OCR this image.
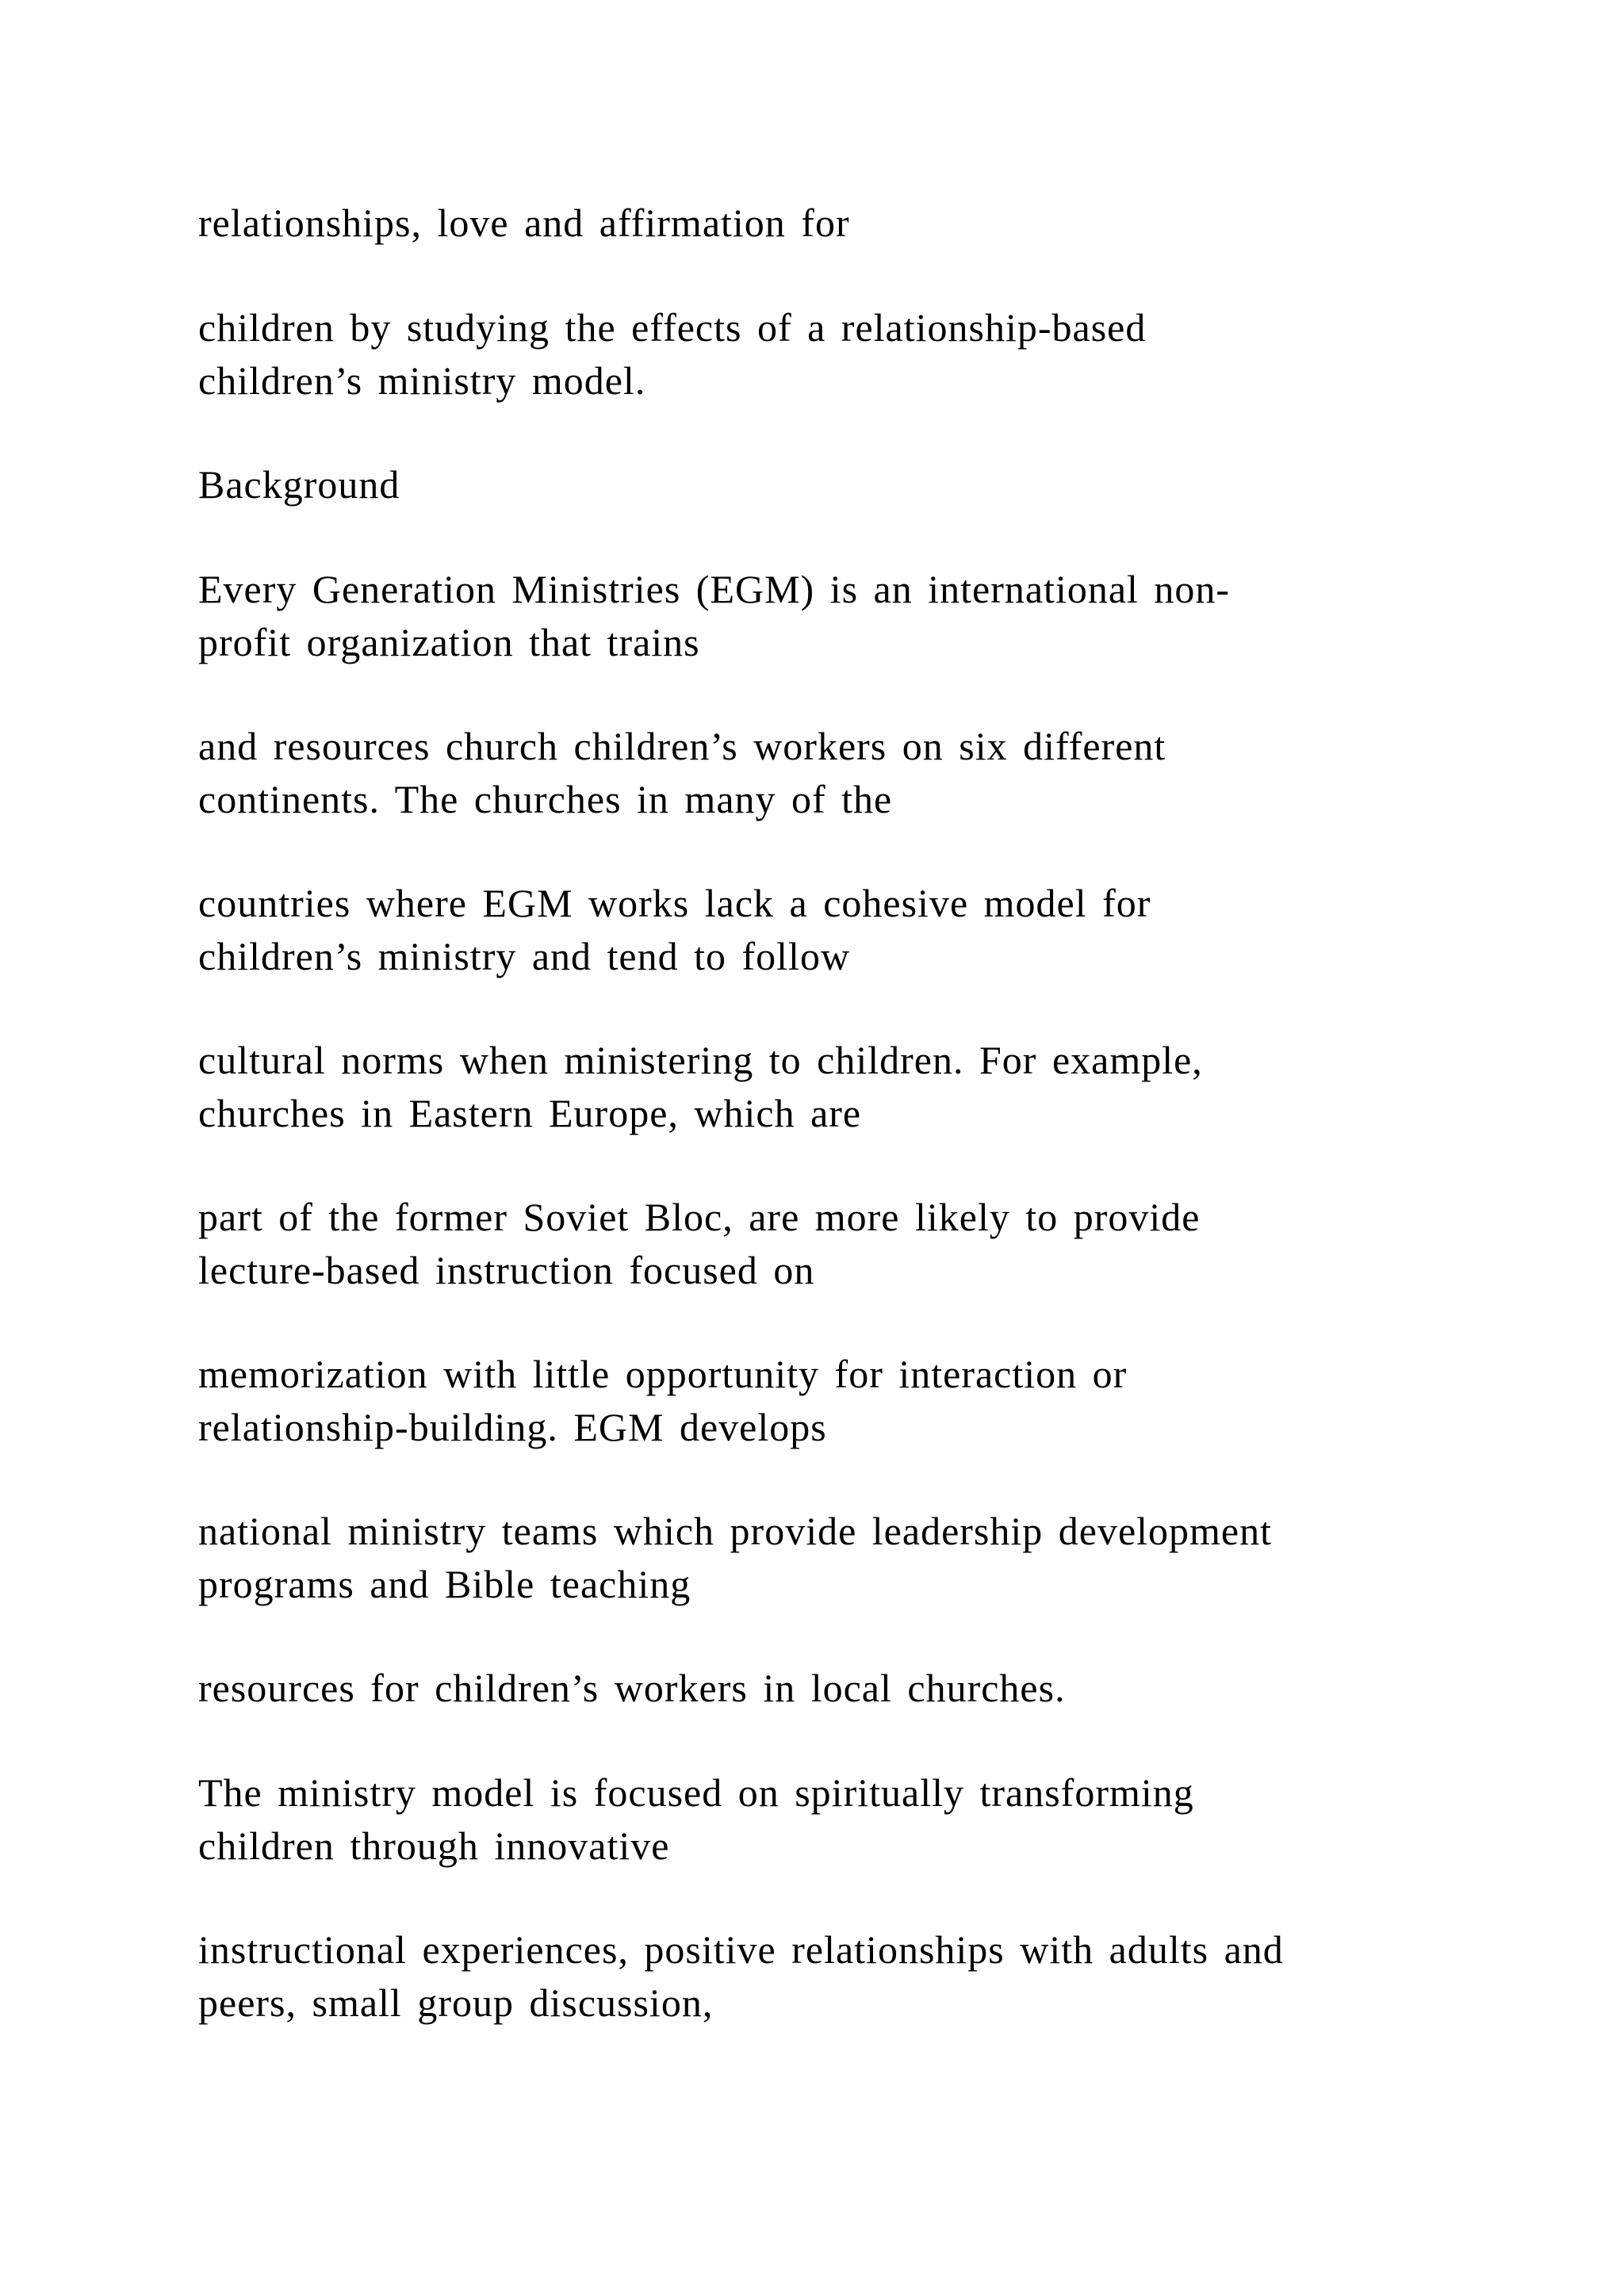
relationships, love and affirmation for

children by studying the effects of a relationship-based
children’s ministry model.

Background

Every Generation Ministries (EGM) is an international non-
profit organization that trains

and resources church children’s workers on six different
continents. The churches in many of the

countries where EGM works lack a cohesive model for
children’s ministry and tend to follow

cultural norms when ministering to children. For example,
churches in Eastern Europe, which are

part of the former Soviet Bloc, are more likely to provide
lecture-based instruction focused on

memorization with little opportunity for interaction or
relationship-building. EGM develops

national ministry teams which provide leadership development
programs and Bible teaching

resources for children’s workers in local churches.

The ministry model is focused on spiritually transforming
children through innovative

instructional experiences, positive relationships with adults and
peers, small group discussion,
